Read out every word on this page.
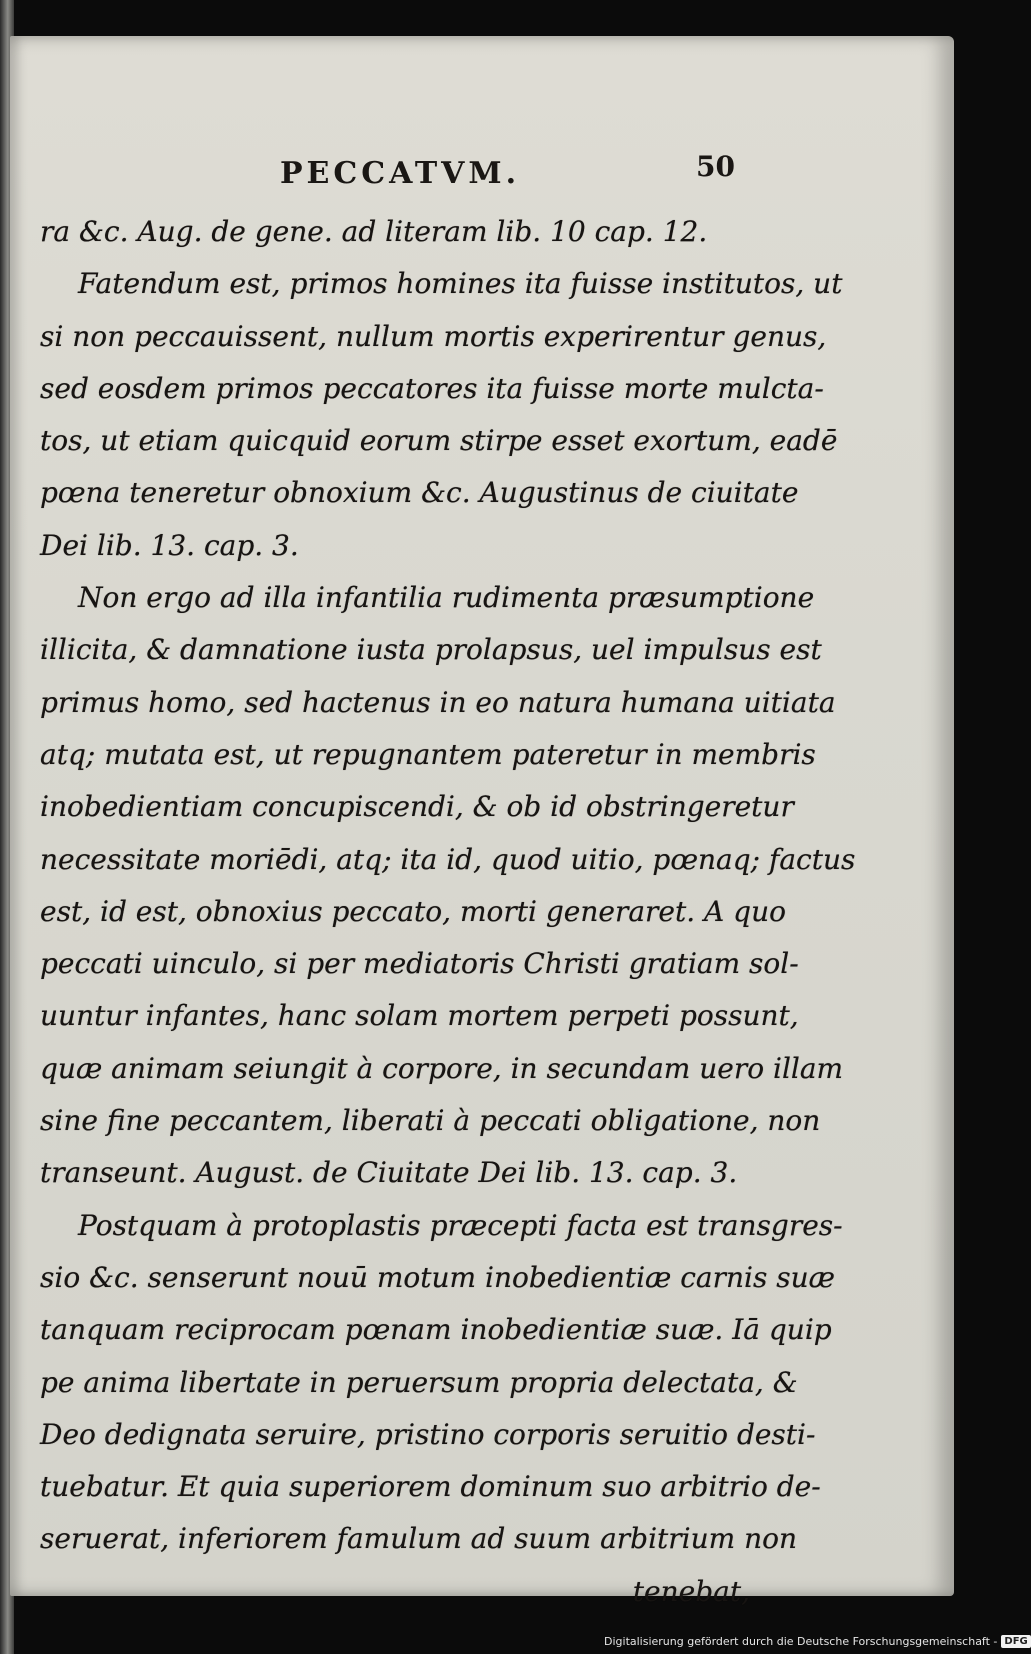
PECCATVM.	50
ra &c. Aug. de gene. ad literam lib. 10 cap. 12.
Fatendum est, primos homines ita fuisse institutos, ut
si non peccauissent, nullum mortis experirentur genus,
sed eosdem primos peccatores ita fuisse morte mulcta-
tos, ut etiam quicquid eorum stirpe esset exortum, eadē
pœna teneretur obnoxium &c. Augustinus de ciuitate
Dei lib. 13. cap. 3.
Non ergo ad illa infantilia rudimenta præsumptione
illicita, & damnatione iusta prolapsus, uel impulsus est
primus homo, sed hactenus in eo natura humana uitiata
atq; mutata est, ut repugnantem pateretur in membris
inobedientiam concupiscendi, & ob id obstringeretur
necessitate moriēdi, atq; ita id, quod uitio, pœnaq; factus
est, id est, obnoxius peccato, morti generaret. A quo
peccati uinculo, si per mediatoris Christi gratiam sol-
uuntur infantes, hanc solam mortem perpeti possunt,
quæ animam seiungit à corpore, in secundam uero illam
sine fine peccantem, liberati à peccati obligatione, non
transeunt. August. de Ciuitate Dei lib. 13. cap. 3.
Postquam à protoplastis præcepti facta est transgres-
sio &c. senserunt nouū motum inobedientiæ carnis suæ
tanquam reciprocam pœnam inobedientiæ suæ. Iā quip
pe anima libertate in peruersum propria delectata, &
Deo dedignata seruire, pristino corporis seruitio desti-
tuebatur. Et quia superiorem dominum suo arbitrio de-
seruerat, inferiorem famulum ad suum arbitrium non
tenebat,
Digitalisierung gefördert durch die Deutsche Forschungsgemeinschaft - DFG
